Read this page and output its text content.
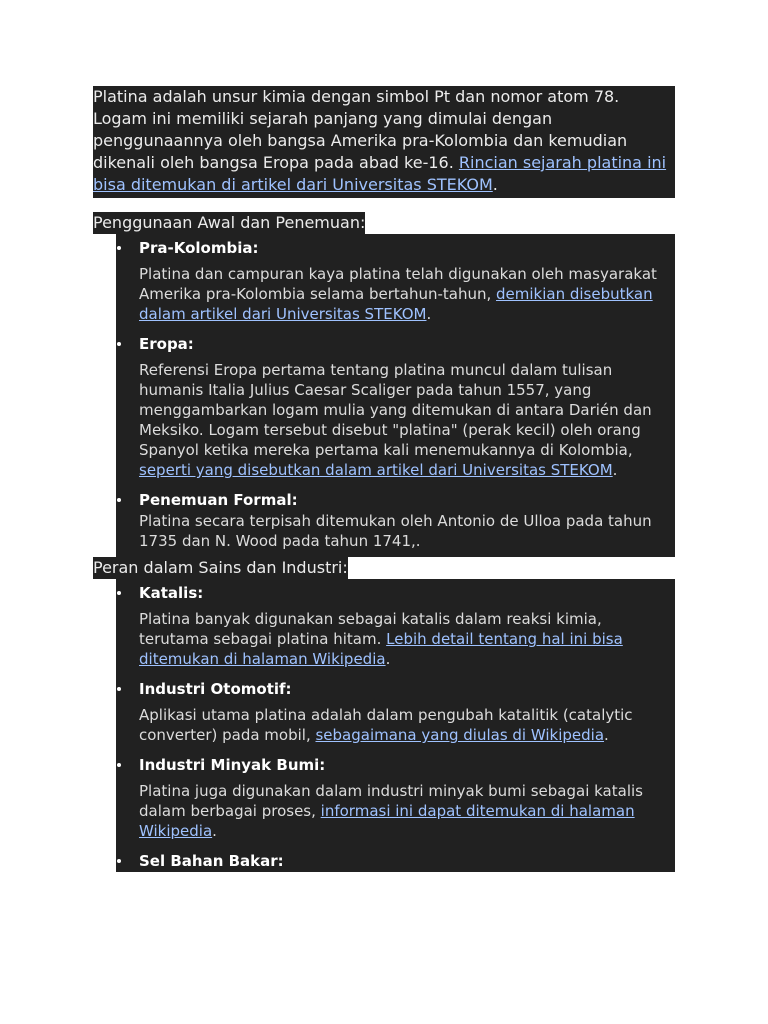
Platina adalah unsur kimia dengan simbol Pt dan nomor atom 78. Logam ini memiliki sejarah panjang yang dimulai dengan penggunaannya oleh bangsa Amerika pra-Kolombia dan kemudian dikenali oleh bangsa Eropa pada abad ke-16. Rincian sejarah platina ini bisa ditemukan di artikel dari Universitas STEKOM.
Penggunaan Awal dan Penemuan:
Pra-Kolombia:
Platina dan campuran kaya platina telah digunakan oleh masyarakat Amerika pra-Kolombia selama bertahun-tahun, demikian disebutkan dalam artikel dari Universitas STEKOM.
Eropa:
Referensi Eropa pertama tentang platina muncul dalam tulisan humanis Italia Julius Caesar Scaliger pada tahun 1557, yang menggambarkan logam mulia yang ditemukan di antara Darién dan Meksiko. Logam tersebut disebut "platina" (perak kecil) oleh orang Spanyol ketika mereka pertama kali menemukannya di Kolombia, seperti yang disebutkan dalam artikel dari Universitas STEKOM.
Penemuan Formal:
Platina secara terpisah ditemukan oleh Antonio de Ulloa pada tahun 1735 dan N. Wood pada tahun 1741,.
Peran dalam Sains dan Industri:
Katalis:
Platina banyak digunakan sebagai katalis dalam reaksi kimia, terutama sebagai platina hitam. Lebih detail tentang hal ini bisa ditemukan di halaman Wikipedia.
Industri Otomotif:
Aplikasi utama platina adalah dalam pengubah katalitik (catalytic converter) pada mobil, sebagaimana yang diulas di Wikipedia.
Industri Minyak Bumi:
Platina juga digunakan dalam industri minyak bumi sebagai katalis dalam berbagai proses, informasi ini dapat ditemukan di halaman Wikipedia.
Sel Bahan Bakar:
